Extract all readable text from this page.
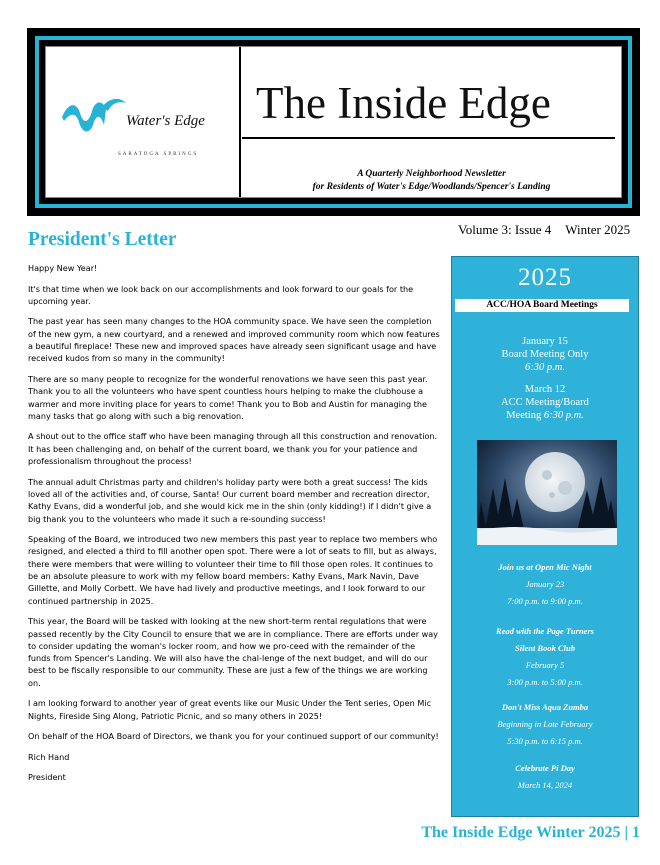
Water's Edge
SARATOGA SPRINGS
The Inside Edge
A Quarterly Neighborhood Newsletter
for Residents of Water's Edge/Woodlands/Spencer's Landing
Volume 3: Issue 4 Winter 2025
President's Letter

Happy New Year!

It's that time when we look back on our accomplishments and look forward to our goals for the upcoming year.

The past year has seen many changes to the HOA community space. We have seen the completion of the new gym, a new courtyard, and a renewed and improved community room which now features a beautiful fireplace! These new and improved spaces have already seen significant usage and have received kudos from so many in the community!

There are so many people to recognize for the wonderful renovations we have seen this past year. Thank you to all the volunteers who have spent countless hours helping to make the clubhouse a warmer and more inviting place for years to come! Thank you to Bob and Austin for managing the many tasks that go along with such a big renovation.

A shout out to the office staff who have been managing through all this construction and renovation. It has been challenging and, on behalf of the current board, we thank you for your patience and professionalism throughout the process!

The annual adult Christmas party and children's holiday party were both a great success! The kids loved all of the activities and, of course, Santa! Our current board member and recreation director, Kathy Evans, did a wonderful job, and she would kick me in the shin (only kidding!) if I didn't give a big thank you to the volunteers who made it such a re-sounding success!

Speaking of the Board, we introduced two new members this past year to replace two members who resigned, and elected a third to fill another open spot. There were a lot of seats to fill, but as always, there were members that were willing to volunteer their time to fill those open roles. It continues to be an absolute pleasure to work with my fellow board members: Kathy Evans, Mark Navin, Dave Gillette, and Molly Corbett. We have had lively and productive meetings, and I look forward to our continued partnership in 2025.

This year, the Board will be tasked with looking at the new short-term rental regulations that were passed recently by the City Council to ensure that we are in compliance. There are efforts under way to consider updating the woman's locker room, and how we pro-ceed with the remainder of the funds from Spencer's Landing. We will also have the chal-lenge of the next budget, and will do our best to be fiscally responsible to our community. These are just a few of the things we are working on.

I am looking forward to another year of great events like our Music Under the Tent series, Open Mic Nights, Fireside Sing Along, Patriotic Picnic, and so many others in 2025!

On behalf of the HOA Board of Directors, we thank you for your continued support of our community!

Rich Hand

President

2025
ACC/HOA Board Meetings
January 15
Board Meeting Only
6:30 p.m.
March 12
ACC Meeting/Board
Meeting 6:30 p.m.
Join us at Open Mic Night
January 23
7:00 p.m. to 9:00 p.m.
Read with the Page Turners
Silent Book Club
February 5
3:00 p.m. to 5:00 p.m.
Don't Miss Aqua Zumba
Beginning in Late February
5:30 p.m. to 6:15 p.m.
Celebrate Pi Day
March 14, 2024
The Inside Edge Winter 2025 | 1
